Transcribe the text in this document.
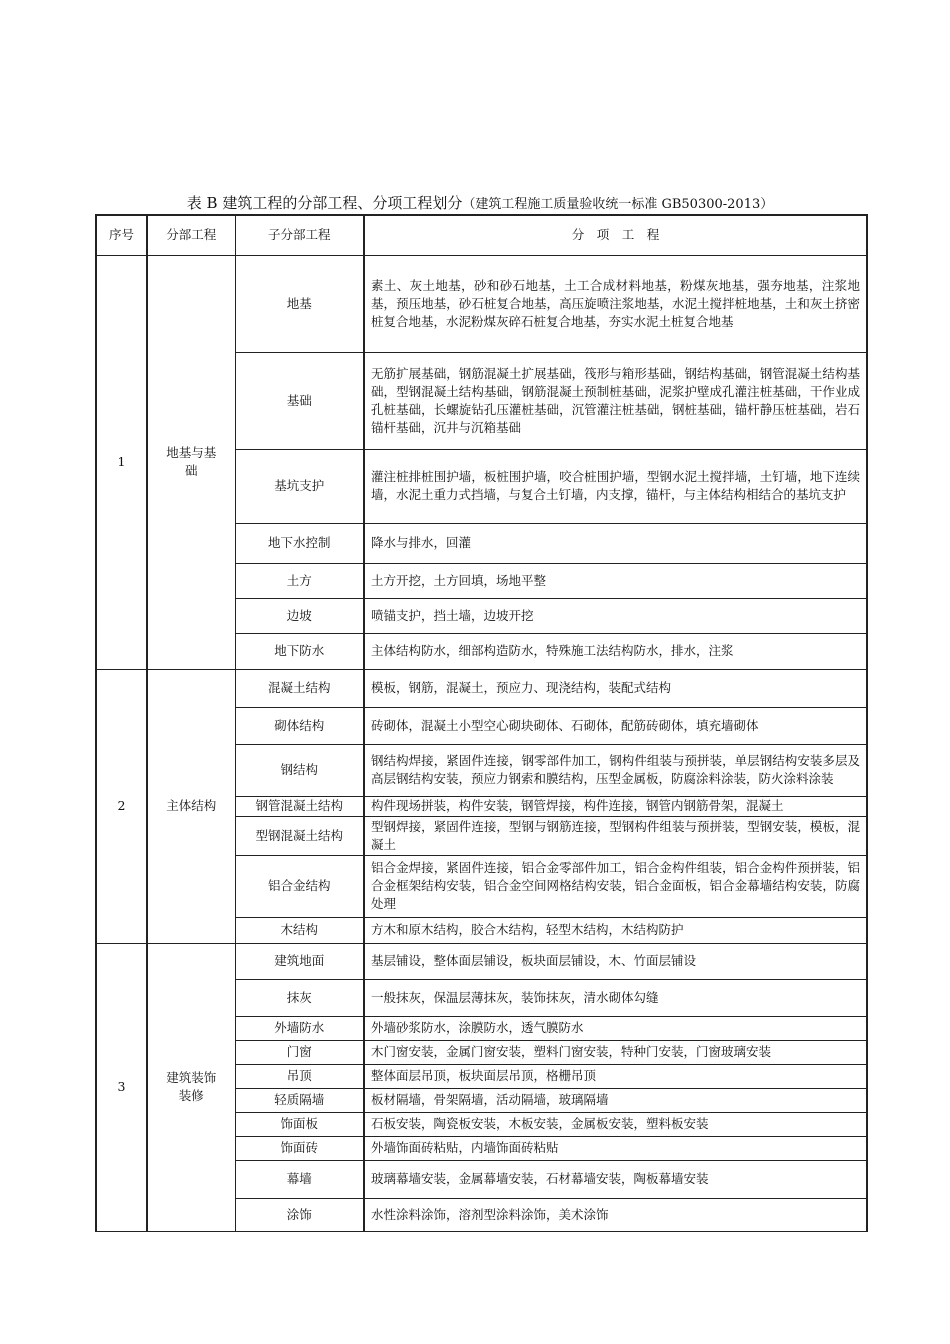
表 B 建筑工程的分部工程、分项工程划分（建筑工程施工质量验收统一标准 GB50300-2013）
序号	分部工程	子分部工程	分　项　工　程
1	地基与基础	地基	素土、灰土地基，砂和砂石地基，土工合成材料地基，粉煤灰地基，强夯地基，注浆地基，预压地基，砂石桩复合地基，高压旋喷注浆地基，水泥土搅拌桩地基，土和灰土挤密桩复合地基，水泥粉煤灰碎石桩复合地基，夯实水泥土桩复合地基
		基础	无筋扩展基础，钢筋混凝土扩展基础，筏形与箱形基础，钢结构基础，钢管混凝土结构基础，型钢混凝土结构基础，钢筋混凝土预制桩基础，泥浆护壁成孔灌注桩基础，干作业成孔桩基础，长螺旋钻孔压灌桩基础，沉管灌注桩基础，钢桩基础，锚杆静压桩基础，岩石锚杆基础，沉井与沉箱基础
		基坑支护	灌注桩排桩围护墙，板桩围护墙，咬合桩围护墙，型钢水泥土搅拌墙，土钉墙，地下连续墙，水泥土重力式挡墙，与复合土钉墙，内支撑，锚杆，与主体结构相结合的基坑支护
		地下水控制	降水与排水，回灌
		土方	土方开挖，土方回填，场地平整
		边坡	喷锚支护，挡土墙，边坡开挖
		地下防水	主体结构防水，细部构造防水，特殊施工法结构防水，排水，注浆
2	主体结构	混凝土结构	模板，钢筋，混凝土，预应力、现浇结构，装配式结构
		砌体结构	砖砌体，混凝土小型空心砌块砌体、石砌体，配筋砖砌体，填充墙砌体
		钢结构	钢结构焊接，紧固件连接，钢零部件加工，钢构件组装与预拼装，单层钢结构安装多层及高层钢结构安装，预应力钢索和膜结构，压型金属板，防腐涂料涂装，防火涂料涂装
		钢管混凝土结构	构件现场拼装，构件安装，钢管焊接，构件连接，钢管内钢筋骨架，混凝土
		型钢混凝土结构	型钢焊接，紧固件连接，型钢与钢筋连接，型钢构件组装与预拼装，型钢安装，模板，混凝土
		铝合金结构	铝合金焊接，紧固件连接，铝合金零部件加工，铝合金构件组装，铝合金构件预拼装，铝合金框架结构安装，铝合金空间网格结构安装，铝合金面板，铝合金幕墙结构安装，防腐处理
		木结构	方木和原木结构，胶合木结构，轻型木结构，木结构防护
3	建筑装饰装修	建筑地面	基层铺设，整体面层铺设，板块面层铺设，木、竹面层铺设
		抹灰	一般抹灰，保温层薄抹灰，装饰抹灰，清水砌体勾缝
		外墙防水	外墙砂浆防水，涂膜防水，透气膜防水
		门窗	木门窗安装，金属门窗安装，塑料门窗安装，特种门安装，门窗玻璃安装
		吊顶	整体面层吊顶，板块面层吊顶，格栅吊顶
		轻质隔墙	板材隔墙，骨架隔墙，活动隔墙，玻璃隔墙
		饰面板	石板安装，陶瓷板安装，木板安装，金属板安装，塑料板安装
		饰面砖	外墙饰面砖粘贴，内墙饰面砖粘贴
		幕墙	玻璃幕墙安装，金属幕墙安装，石材幕墙安装，陶板幕墙安装
		涂饰	水性涂料涂饰，溶剂型涂料涂饰，美术涂饰
